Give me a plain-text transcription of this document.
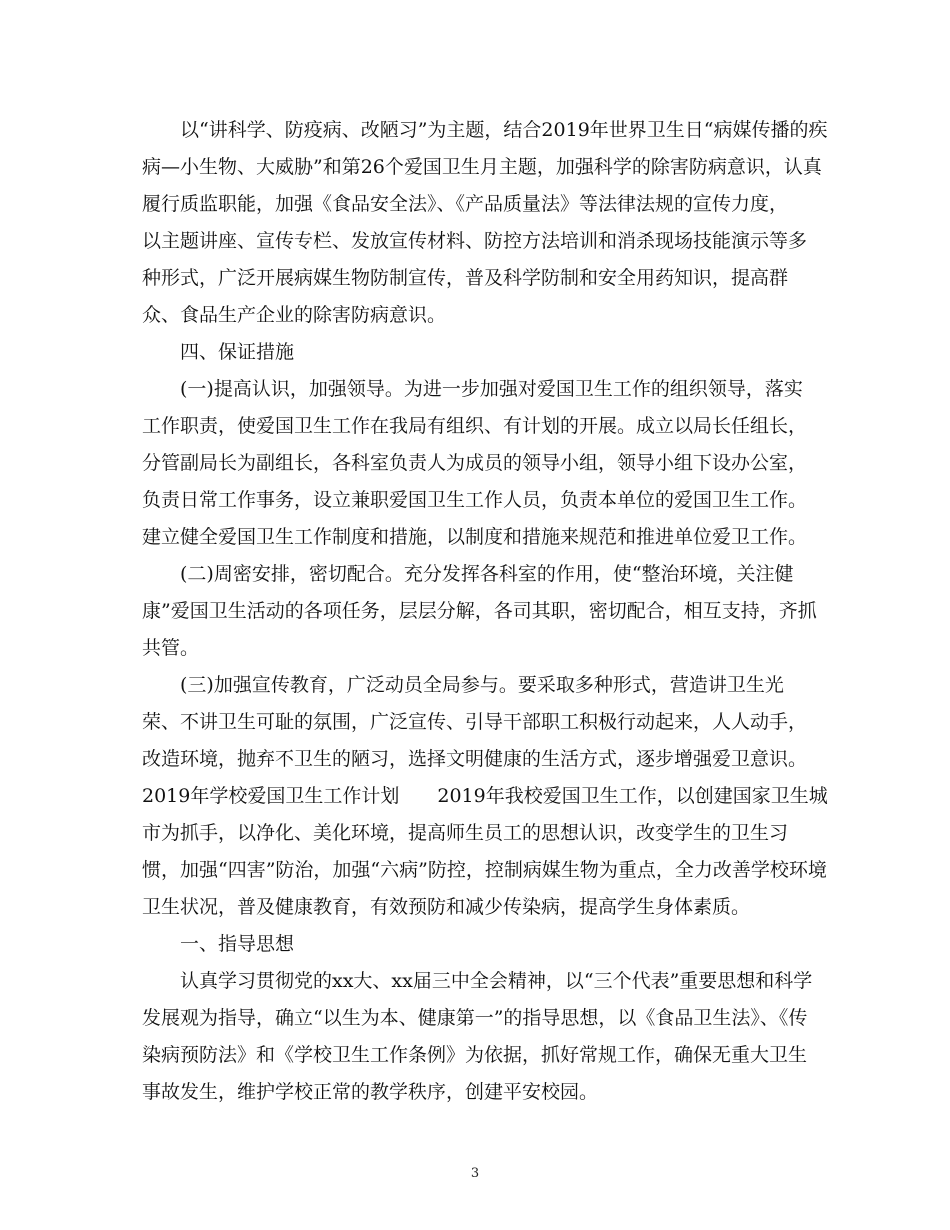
以“讲科学、防疫病、改陋习”为主题，结合2019年世界卫生日“病媒传播的疾
病—小生物、大威胁”和第26个爱国卫生月主题，加强科学的除害防病意识，认真
履行质监职能，加强《食品安全法》、《产品质量法》等法律法规的宣传力度，
以主题讲座、宣传专栏、发放宣传材料、防控方法培训和消杀现场技能演示等多
种形式，广泛开展病媒生物防制宣传，普及科学防制和安全用药知识，提高群
众、食品生产企业的除害防病意识。
四、保证措施
(一)提高认识，加强领导。为进一步加强对爱国卫生工作的组织领导，落实
工作职责，使爱国卫生工作在我局有组织、有计划的开展。成立以局长任组长，
分管副局长为副组长，各科室负责人为成员的领导小组，领导小组下设办公室，
负责日常工作事务，设立兼职爱国卫生工作人员，负责本单位的爱国卫生工作。
建立健全爱国卫生工作制度和措施，以制度和措施来规范和推进单位爱卫工作。
(二)周密安排，密切配合。充分发挥各科室的作用，使“整治环境，关注健
康”爱国卫生活动的各项任务，层层分解，各司其职，密切配合，相互支持，齐抓
共管。
(三)加强宣传教育，广泛动员全局参与。要采取多种形式，营造讲卫生光
荣、不讲卫生可耻的氛围，广泛宣传、引导干部职工积极行动起来，人人动手，
改造环境，抛弃不卫生的陋习，选择文明健康的生活方式，逐步增强爱卫意识。
2019年学校爱国卫生工作计划　　2019年我校爱国卫生工作，以创建国家卫生城
市为抓手，以净化、美化环境，提高师生员工的思想认识，改变学生的卫生习
惯，加强“四害”防治，加强“六病”防控，控制病媒生物为重点，全力改善学校环境
卫生状况，普及健康教育，有效预防和减少传染病，提高学生身体素质。
一、指导思想
认真学习贯彻党的xx大、xx届三中全会精神，以“三个代表”重要思想和科学
发展观为指导，确立“以生为本、健康第一”的指导思想，以《食品卫生法》、《传
染病预防法》和《学校卫生工作条例》为依据，抓好常规工作，确保无重大卫生
事故发生，维护学校正常的教学秩序，创建平安校园。
3
